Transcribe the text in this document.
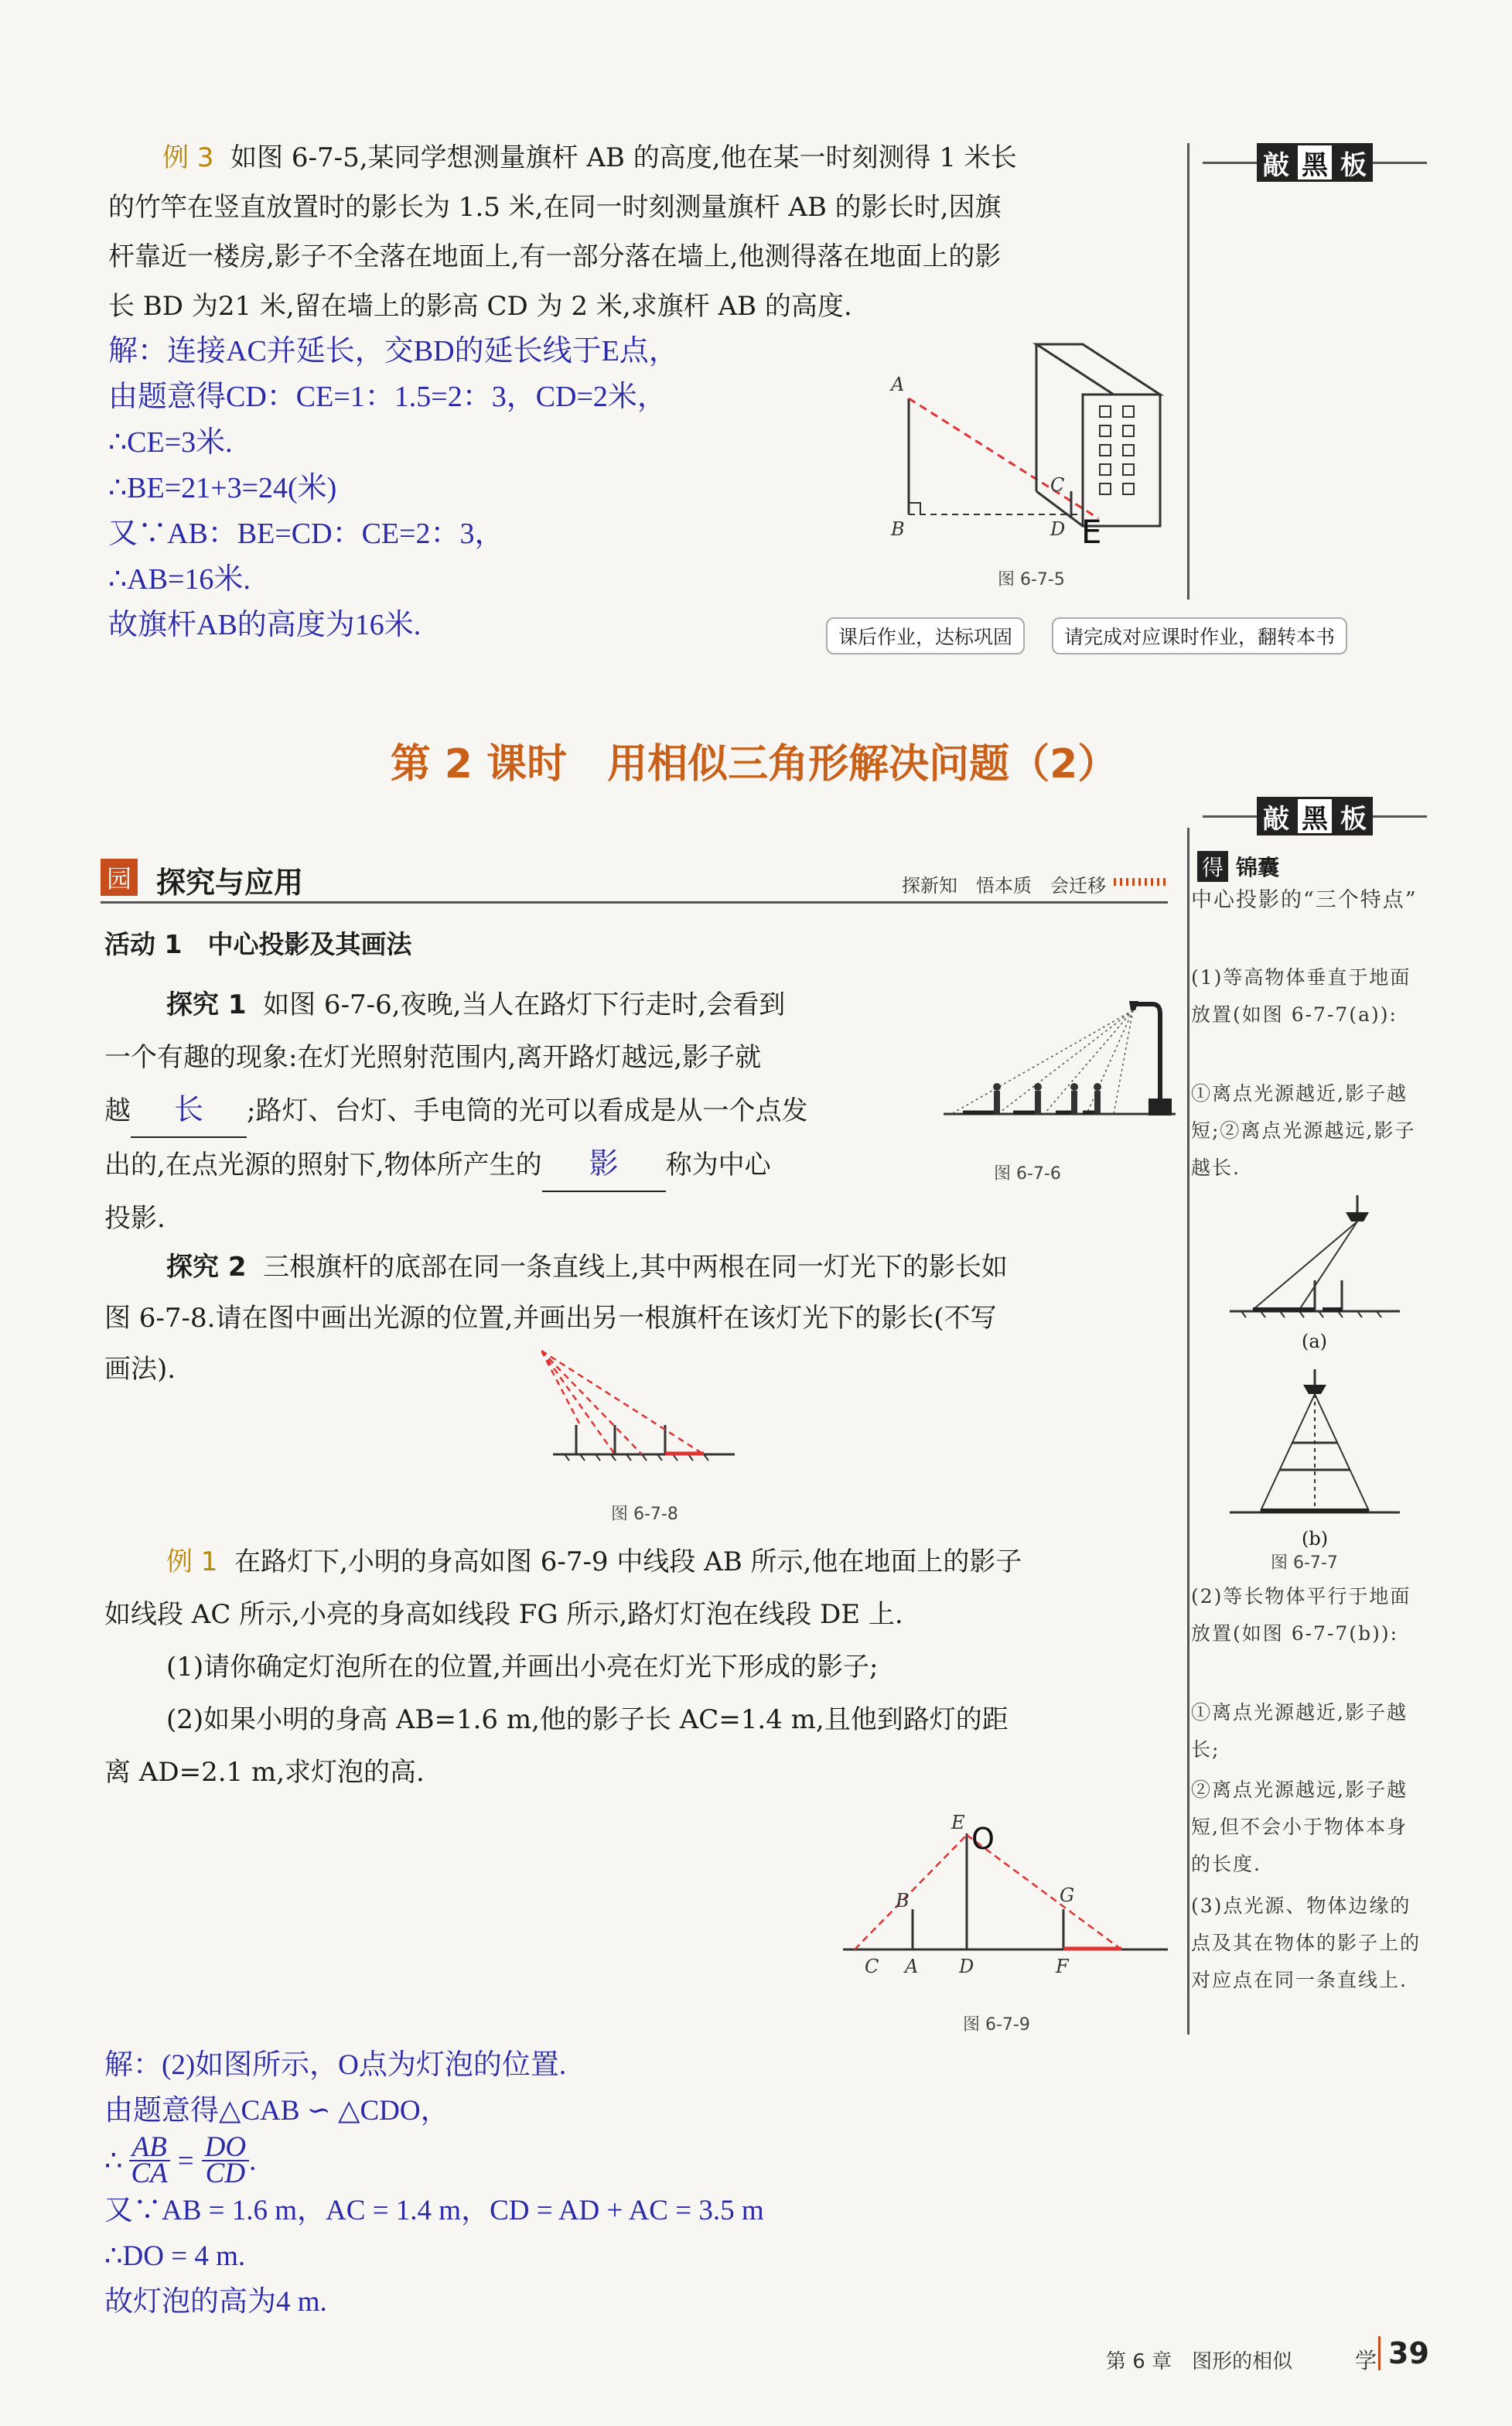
例 3 如图 6-7-5,某同学想测量旗杆 AB 的高度,他在某一时刻测得 1 米长
的竹竿在竖直放置时的影长为 1.5 米,在同一时刻测量旗杆 AB 的影长时,因旗
杆靠近一楼房,影子不全落在地面上,有一部分落在墙上,他测得落在地面上的影
长 BD 为21 米,留在墙上的影高 CD 为 2 米,求旗杆 AB 的高度.
解：连接AC并延长，交BD的延长线于E点，
由题意得CD：CE=1：1.5=2：3，CD=2米，
∴CE=3米.
∴BE=21+3=24(米)
又∵AB：BE=CD：CE=2：3，
∴AB=16米.
故旗杆AB的高度为16米.
A
B
C
D E
图 6-7-5
敲 黑 板
课后作业，达标巩固	请完成对应课时作业，翻转本书
第 2 课时　用相似三角形解决问题（2）
敲 黑 板
园 探究与应用	探新知　悟本质　会迁移
活动 1　中心投影及其画法
探究 1 如图 6-7-6,夜晚,当人在路灯下行走时,会看到
一个有趣的现象:在灯光照射范围内,离开路灯越远,影子就
越 长 ;路灯、台灯、手电筒的光可以看成是从一个点发
出的,在点光源的照射下,物体所产生的 影 称为中心
投影.
图 6-7-6
探究 2 三根旗杆的底部在同一条直线上,其中两根在同一灯光下的影长如
图 6-7-8.请在图中画出光源的位置,并画出另一根旗杆在该灯光下的影长(不写
画法).
图 6-7-8
例 1 在路灯下,小明的身高如图 6-7-9 中线段 AB 所示,他在地面上的影子
如线段 AC 所示,小亮的身高如线段 FG 所示,路灯灯泡在线段 DE 上.
(1)请你确定灯泡所在的位置,并画出小亮在灯光下形成的影子;
(2)如果小明的身高 AB=1.6 m,他的影子长 AC=1.4 m,且他到路灯的距
离 AD=2.1 m,求灯泡的高.
E O
B	G
C A D	F
图 6-7-9
解：(2)如图所示，O点为灯泡的位置.
由题意得△CAB ∽ △CDO，
∴ $\frac{AB}{CA} = \frac{DO}{CD}$ .
又∵AB = 1.6 m，AC = 1.4 m，CD = AD + AC = 3.5 m
∴DO = 4 m.
故灯泡的高为4 m.
得 锦囊
中心投影的“三个特点”
(1)等高物体垂直于地面放置(如图 6-7-7(a)):
①离点光源越近,影子越短;②离点光源越远,影子越长.
(a)
(b)
图 6-7-7
(2)等长物体平行于地面放置(如图 6-7-7(b)):
①离点光源越近,影子越长;
②离点光源越远,影子越短,但不会小于物体本身的长度.
(3)点光源、物体边缘的点及其在物体的影子上的对应点在同一条直线上.
第 6 章　图形的相似	学 39
